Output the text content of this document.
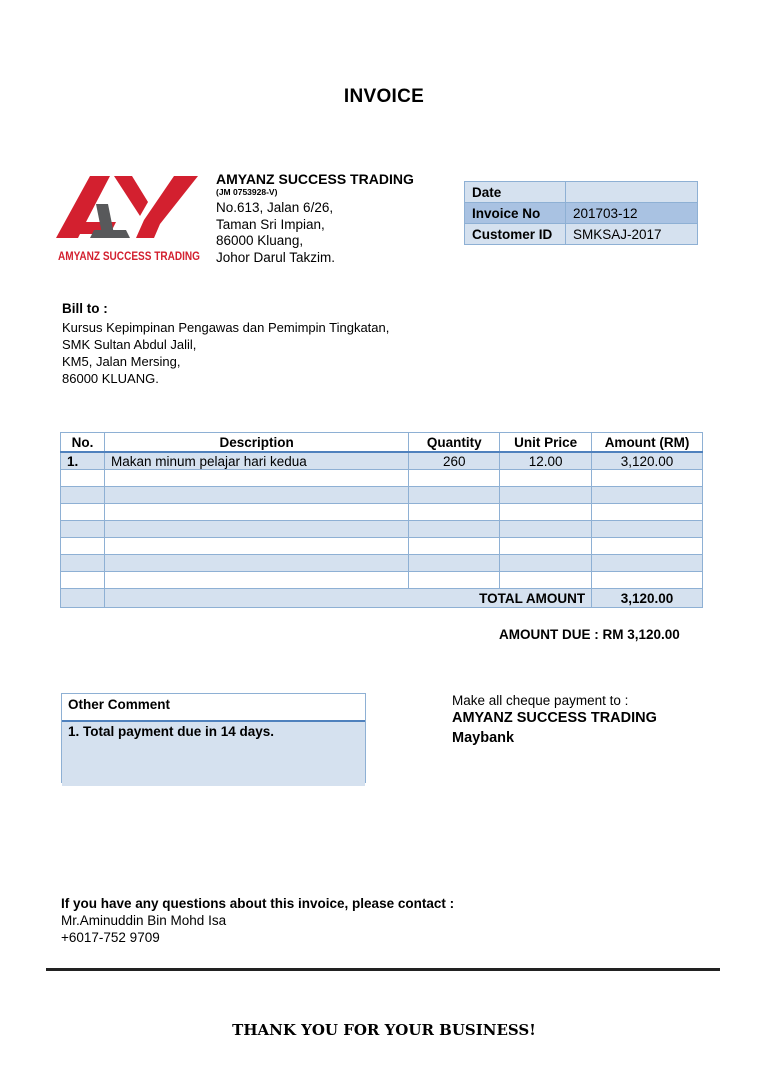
INVOICE
AMYANZ SUCCESS TRADING
AMYANZ SUCCESS TRADING
(JM 0753928-V)
No.613, Jalan 6/26,
Taman Sri Impian,
86000 Kluang,
Johor Darul Takzim.
Date	
Invoice No	201703-12
Customer ID	SMKSAJ-2017
Bill to :
Kursus Kepimpinan Pengawas dan Pemimpin Tingkatan,
SMK Sultan Abdul Jalil,
KM5, Jalan Mersing,
86000 KLUANG.
No.	Description	Quantity	Unit Price	Amount (RM)
1.	Makan minum pelajar hari kedua	260	12.00	3,120.00

	TOTAL AMOUNT			3,120.00
AMOUNT DUE : RM 3,120.00
Other Comment
1. Total payment due in 14 days.
Make all cheque payment to :
AMYANZ SUCCESS TRADING
Maybank
If you have any questions about this invoice, please contact :
Mr.Aminuddin Bin Mohd Isa
+6017-752 9709
THANK YOU FOR YOUR BUSINESS!
